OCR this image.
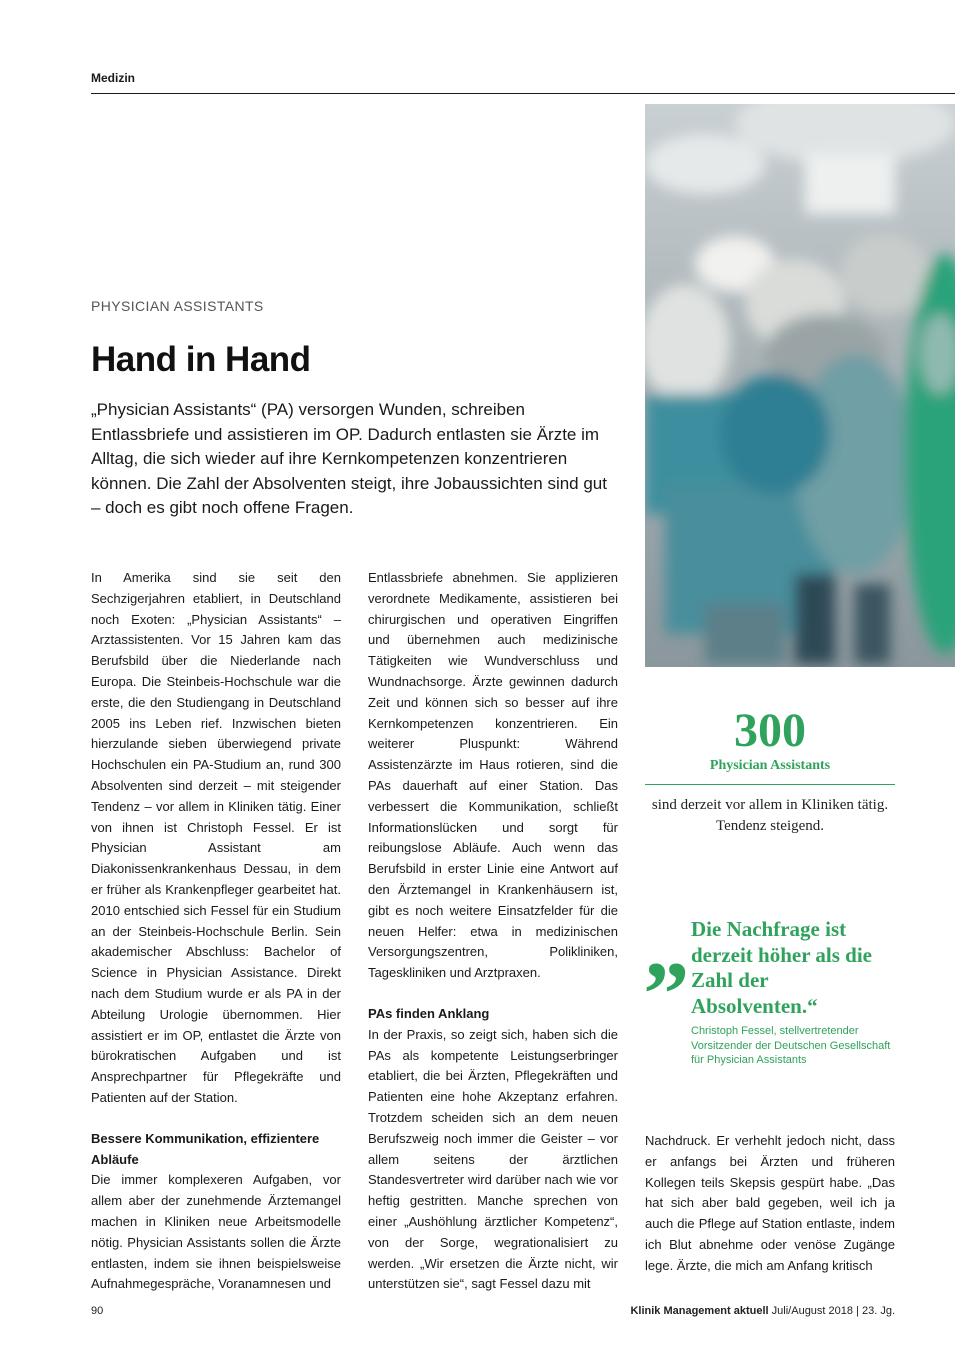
Medizin
PHYSICIAN ASSISTANTS
Hand in Hand

„Physician Assistants“ (PA) versorgen Wunden, schreiben Entlassbriefe und assistieren im OP. Dadurch entlasten sie Ärzte im Alltag, die sich wieder auf ihre Kernkompetenzen konzentrieren können. Die Zahl der Absolventen steigt, ihre Jobaussichten sind gut – doch es gibt noch offene Fragen.

In Amerika sind sie seit den Sechzigerjahren etabliert, in Deutschland noch Exoten: „Physician Assistants“ – Arztassistenten. Vor 15 Jahren kam das Berufsbild über die Niederlande nach Europa. Die Steinbeis-Hochschule war die erste, die den Studiengang in Deutschland 2005 ins Leben rief. Inzwischen bieten hierzulande sieben überwiegend private Hochschulen ein PA-Studium an, rund 300 Absolventen sind derzeit – mit steigender Tendenz – vor allem in Kliniken tätig. Einer von ihnen ist Christoph Fessel. Er ist Physician Assistant am Diakonissenkrankenhaus Dessau, in dem er früher als Krankenpfleger gearbeitet hat. 2010 entschied sich Fessel für ein Studium an der Steinbeis-Hochschule Berlin. Sein akademischer Abschluss: Bachelor of Science in Physician Assistance. Direkt nach dem Studium wurde er als PA in der Abteilung Urologie übernommen. Hier assistiert er im OP, entlastet die Ärzte von bürokratischen Aufgaben und ist Ansprechpartner für Pflegekräfte und Patienten auf der Station.

Bessere Kommunikation, effizientere Abläufe

Die immer komplexeren Aufgaben, vor allem aber der zunehmende Ärztemangel machen in Kliniken neue Arbeitsmodelle nötig. Physician Assistants sollen die Ärzte entlasten, indem sie ihnen beispielsweise Aufnahmegespräche, Voranamnesen und

Entlassbriefe abnehmen. Sie applizieren verordnete Medikamente, assistieren bei chirurgischen und operativen Eingriffen und übernehmen auch medizinische Tätigkeiten wie Wundverschluss und Wundnachsorge. Ärzte gewinnen dadurch Zeit und können sich so besser auf ihre Kernkompetenzen konzentrieren. Ein weiterer Pluspunkt: Während Assistenzärzte im Haus rotieren, sind die PAs dauerhaft auf einer Station. Das verbessert die Kommunikation, schließt Informationslücken und sorgt für reibungslose Abläufe. Auch wenn das Berufsbild in erster Linie eine Antwort auf den Ärztemangel in Krankenhäusern ist, gibt es noch weitere Einsatzfelder für die neuen Helfer: etwa in medizinischen Versorgungszentren, Polikliniken, Tageskliniken und Arztpraxen.

PAs finden Anklang

In der Praxis, so zeigt sich, haben sich die PAs als kompetente Leistungserbringer etabliert, die bei Ärzten, Pflegekräften und Patienten eine hohe Akzeptanz erfahren. Trotzdem scheiden sich an dem neuen Berufszweig noch immer die Geister – vor allem seitens der ärztlichen Standesvertreter wird darüber nach wie vor heftig gestritten. Manche sprechen von einer „Aushöhlung ärztlicher Kompetenz“, von der Sorge, wegrationalisiert zu werden. „Wir ersetzen die Ärzte nicht, wir unterstützen sie“, sagt Fessel dazu mit

300
Physician Assistants
sind derzeit vor allem in Kliniken tätig. Tendenz steigend.
„ Die Nachfrage ist derzeit höher als die Zahl der Absolventen.“
Christoph Fessel, stellvertretender Vorsitzender der Deutschen Gesellschaft für Physician Assistants

Nachdruck. Er verhehlt jedoch nicht, dass er anfangs bei Ärzten und früheren Kollegen teils Skepsis gespürt habe. „Das hat sich aber bald gegeben, weil ich ja auch die Pflege auf Station entlaste, indem ich Blut abnehme oder venöse Zugänge lege. Ärzte, die mich am Anfang kritisch

90	Klinik Management aktuell Juli/August 2018 | 23. Jg.
